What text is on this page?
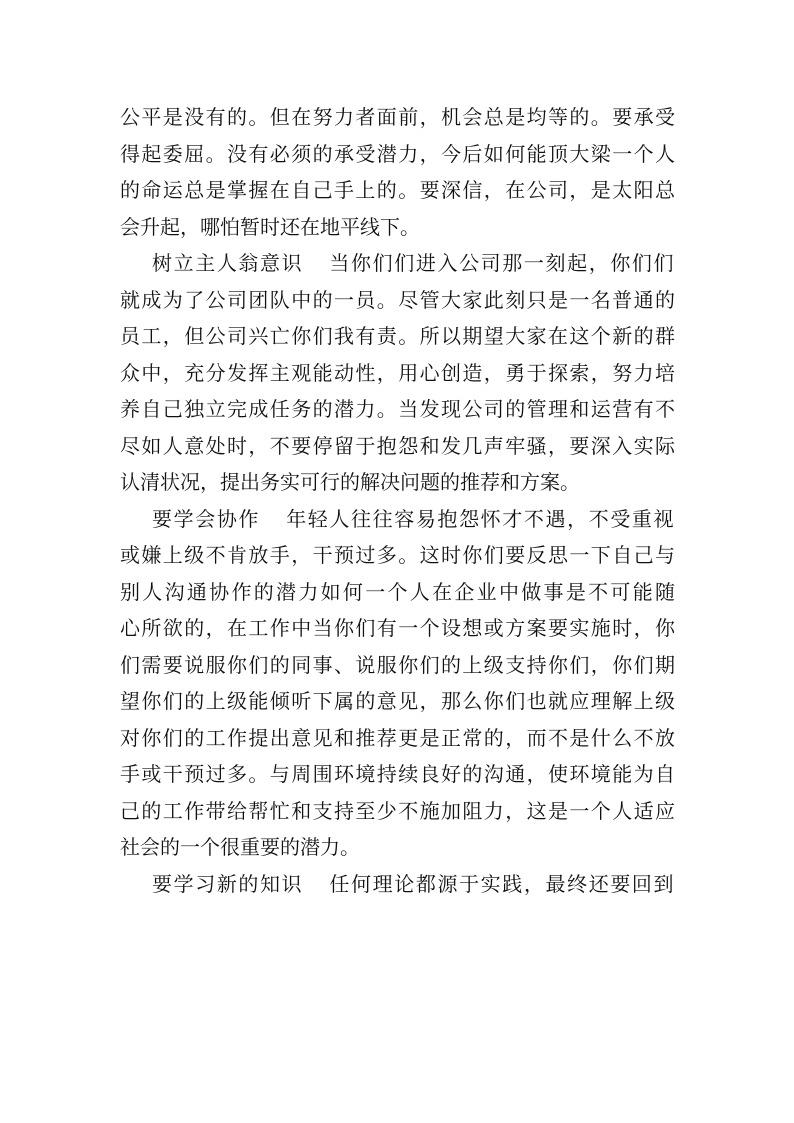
公平是没有的。但在努力者面前，机会总是均等的。要承受
得起委屈。没有必须的承受潜力，今后如何能顶大梁一个人
的命运总是掌握在自己手上的。要深信，在公司，是太阳总
会升起，哪怕暂时还在地平线下。
树立主人翁意识 当你们们进入公司那一刻起，你们们
就成为了公司团队中的一员。尽管大家此刻只是一名普通的
员工，但公司兴亡你们我有责。所以期望大家在这个新的群
众中，充分发挥主观能动性，用心创造，勇于探索，努力培
养自己独立完成任务的潜力。当发现公司的管理和运营有不
尽如人意处时，不要停留于抱怨和发几声牢骚，要深入实际
认清状况，提出务实可行的解决问题的推荐和方案。
要学会协作 年轻人往往容易抱怨怀才不遇，不受重视
或嫌上级不肯放手，干预过多。这时你们要反思一下自己与
别人沟通协作的潜力如何一个人在企业中做事是不可能随
心所欲的，在工作中当你们有一个设想或方案要实施时，你
们需要说服你们的同事、说服你们的上级支持你们，你们期
望你们的上级能倾听下属的意见，那么你们也就应理解上级
对你们的工作提出意见和推荐更是正常的，而不是什么不放
手或干预过多。与周围环境持续良好的沟通，使环境能为自
己的工作带给帮忙和支持至少不施加阻力，这是一个人适应
社会的一个很重要的潜力。
要学习新的知识 任何理论都源于实践，最终还要回到
